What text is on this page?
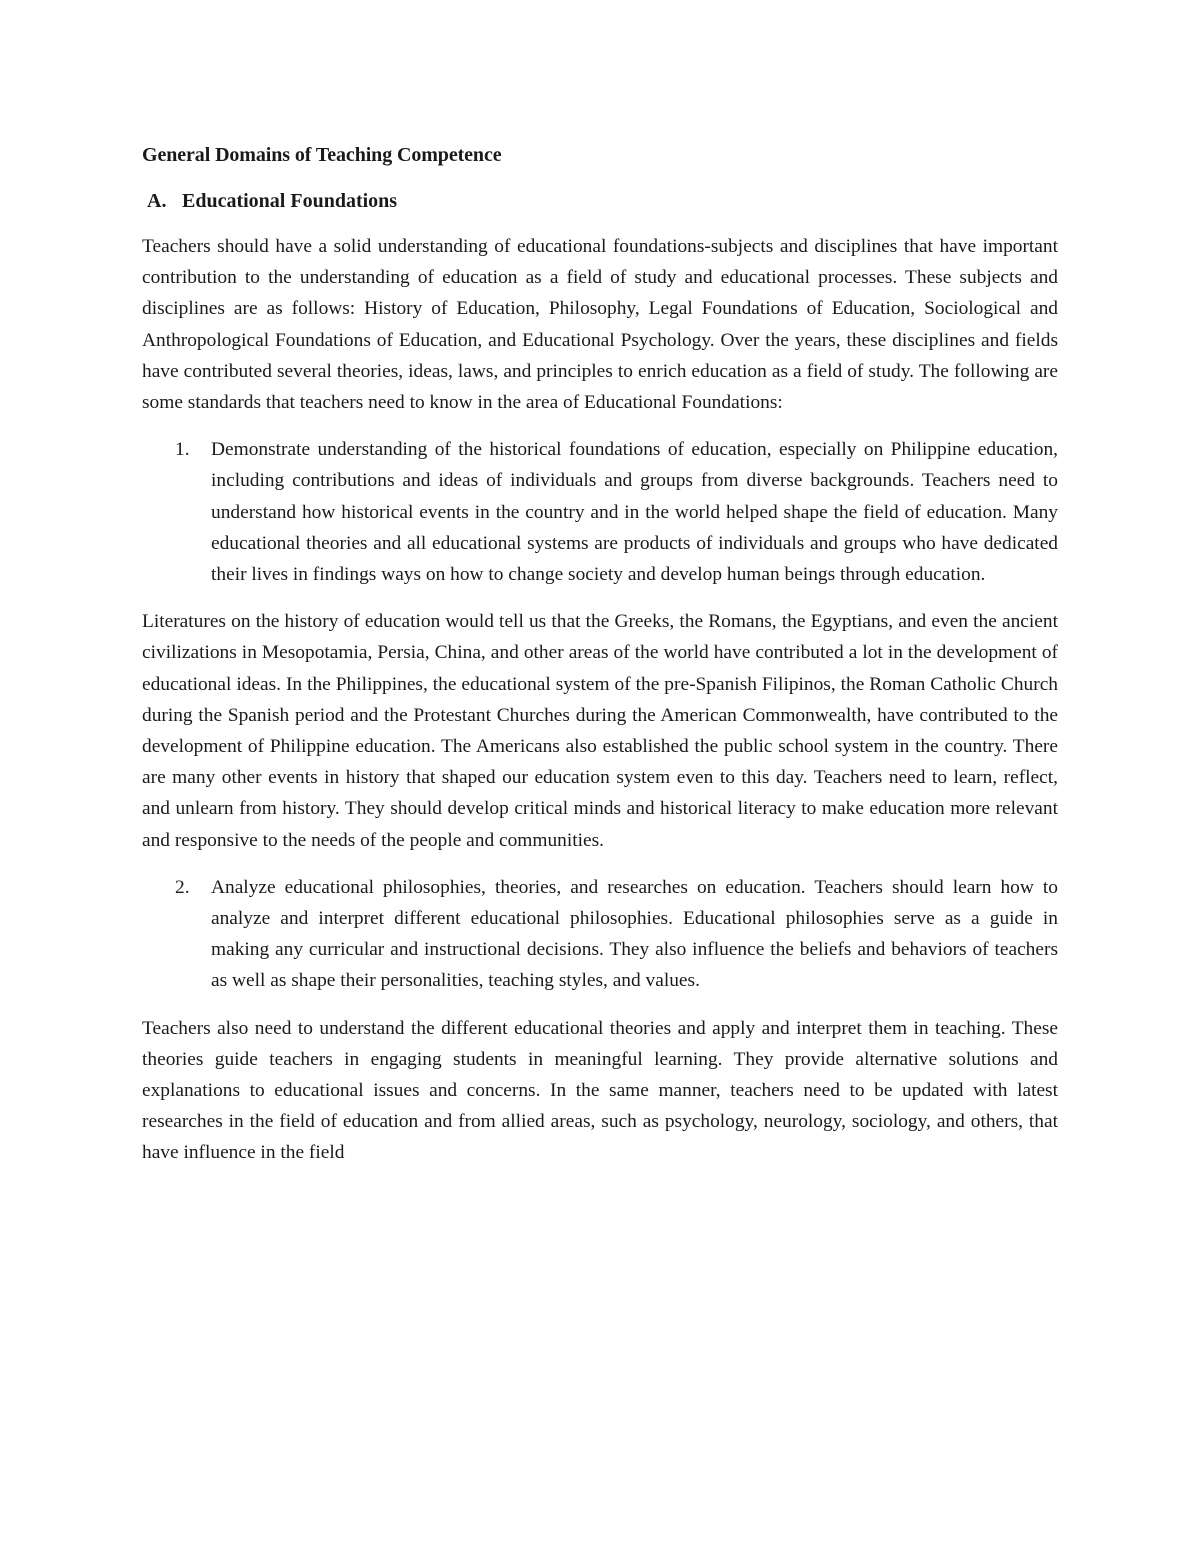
General Domains of Teaching Competence
A. Educational Foundations

Teachers should have a solid understanding of educational foundations-subjects and disciplines that have important contribution to the understanding of education as a field of study and educational processes. These subjects and disciplines are as follows: History of Education, Philosophy, Legal Foundations of Education, Sociological and Anthropological Foundations of Education, and Educational Psychology. Over the years, these disciplines and fields have contributed several theories, ideas, laws, and principles to enrich education as a field of study. The following are some standards that teachers need to know in the area of Educational Foundations:

1.	Demonstrate understanding of the historical foundations of education, especially on Philippine education, including contributions and ideas of individuals and groups from diverse backgrounds. Teachers need to understand how historical events in the country and in the world helped shape the field of education. Many educational theories and all educational systems are products of individuals and groups who have dedicated their lives in findings ways on how to change society and develop human beings through education.

Literatures on the history of education would tell us that the Greeks, the Romans, the Egyptians, and even the ancient civilizations in Mesopotamia, Persia, China, and other areas of the world have contributed a lot in the development of educational ideas. In the Philippines, the educational system of the pre-Spanish Filipinos, the Roman Catholic Church during the Spanish period and the Protestant Churches during the American Commonwealth, have contributed to the development of Philippine education. The Americans also established the public school system in the country. There are many other events in history that shaped our education system even to this day. Teachers need to learn, reflect, and unlearn from history. They should develop critical minds and historical literacy to make education more relevant and responsive to the needs of the people and communities.

2.	Analyze educational philosophies, theories, and researches on education. Teachers should learn how to analyze and interpret different educational philosophies. Educational philosophies serve as a guide in making any curricular and instructional decisions. They also influence the beliefs and behaviors of teachers as well as shape their personalities, teaching styles, and values.

Teachers also need to understand the different educational theories and apply and interpret them in teaching. These theories guide teachers in engaging students in meaningful learning. They provide alternative solutions and explanations to educational issues and concerns. In the same manner, teachers need to be updated with latest researches in the field of education and from allied areas, such as psychology, neurology, sociology, and others, that have influence in the field
